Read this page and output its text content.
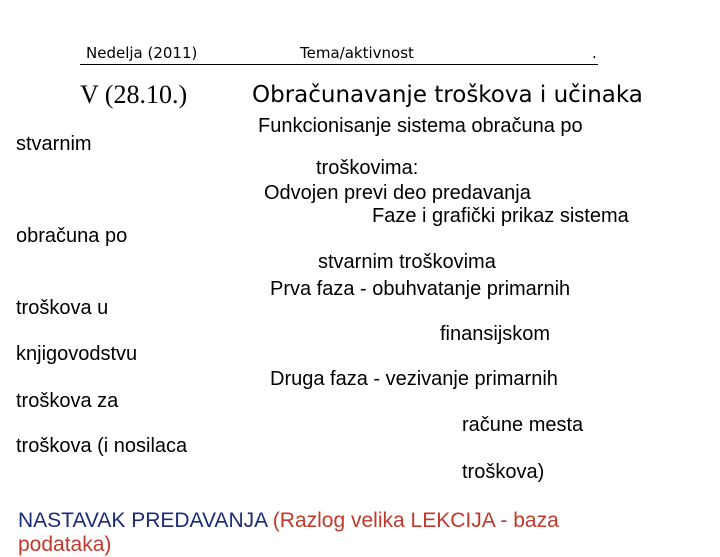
Nedelja (2011)	Tema/aktivnost	.
V (28.10.)	Obračunavanje troškova i učinaka
stvarnim
obračuna po
troškova u
knjigovodstvu
troškova za
troškova (i nosilaca
Funkcionisanje sistema obračuna po
troškovima:
Odvojen previ deo predavanja
Faze i grafički prikaz sistema
stvarnim troškovima
Prva faza - obuhvatanje primarnih
finansijskom
Druga faza - vezivanje primarnih
račune mesta
troškova)
NASTAVAK PREDAVANJA (Razlog velika LEKCIJA - baza
podataka)
